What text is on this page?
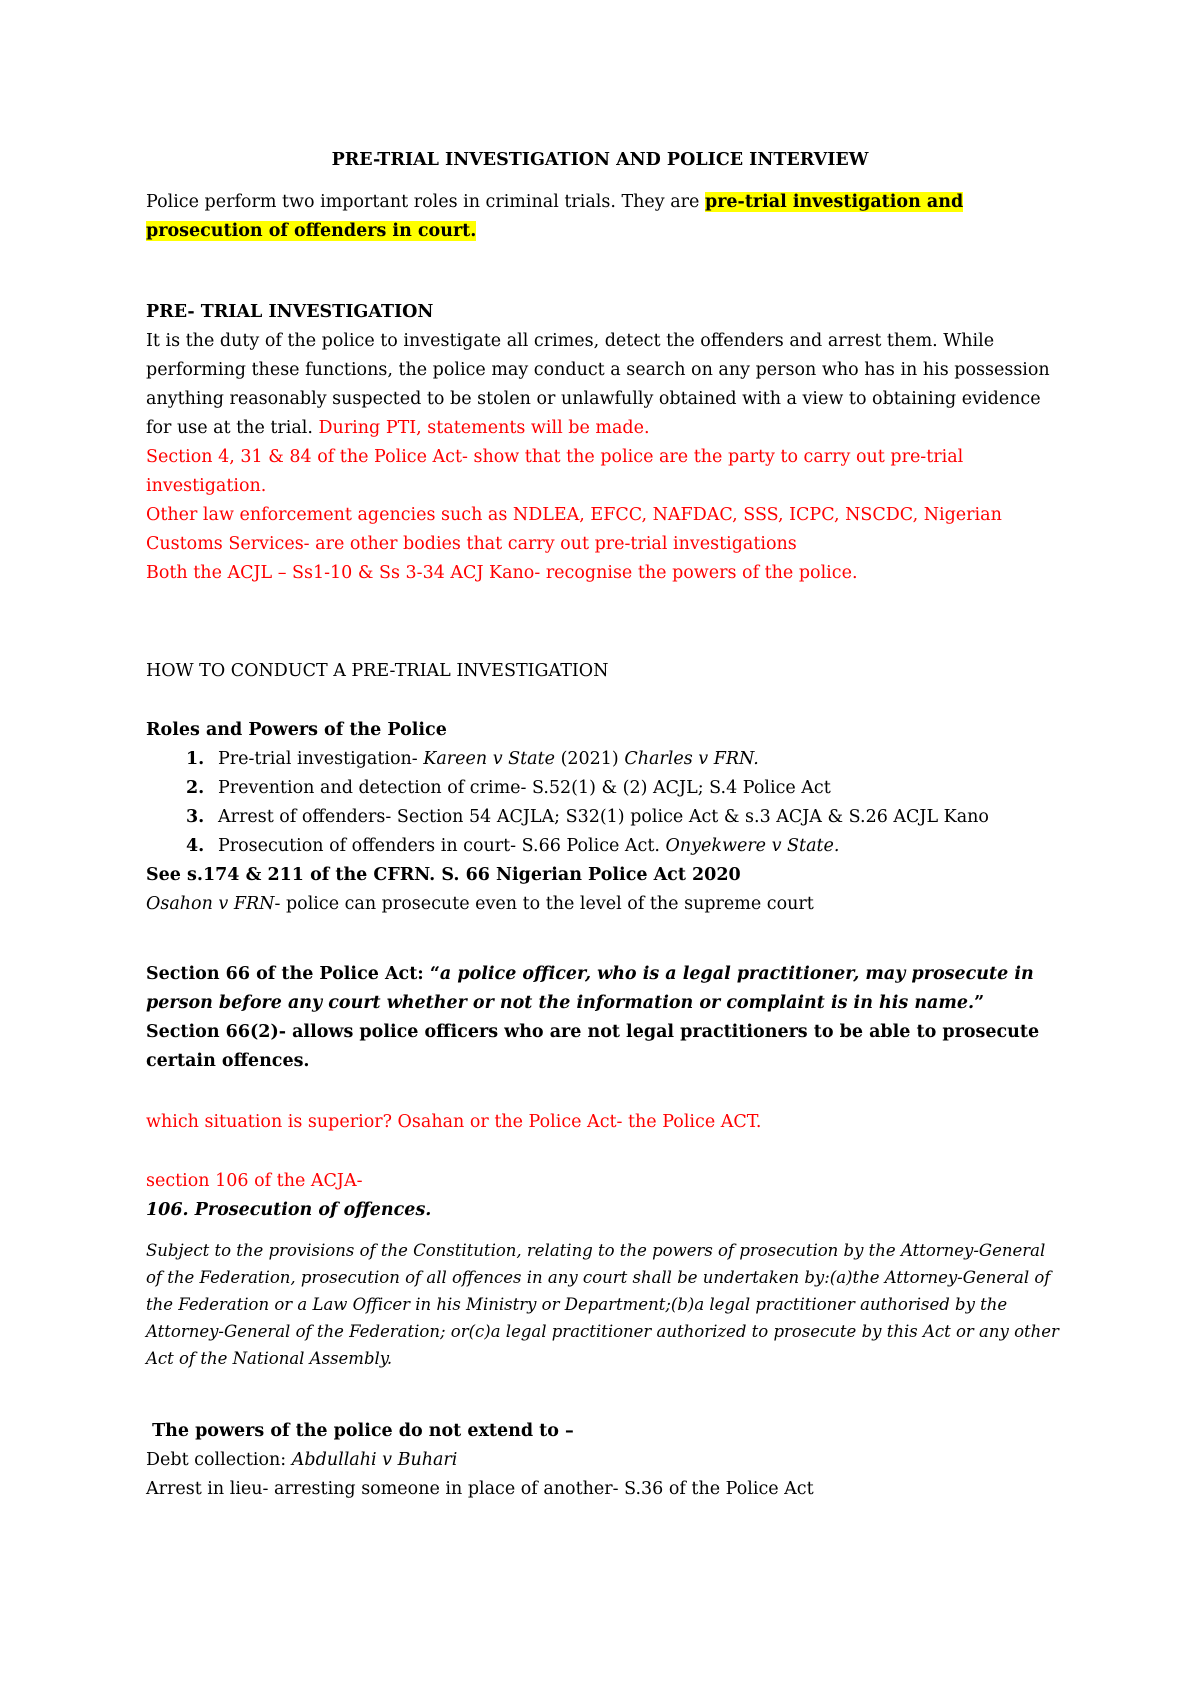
PRE-TRIAL INVESTIGATION AND POLICE INTERVIEW

Police perform two important roles in criminal trials. They are pre-trial investigation and prosecution of offenders in court.

PRE- TRIAL INVESTIGATION

It is the duty of the police to investigate all crimes, detect the offenders and arrest them. While performing these functions, the police may conduct a search on any person who has in his possession anything reasonably suspected to be stolen or unlawfully obtained with a view to obtaining evidence for use at the trial. During PTI, statements will be made.

Section 4, 31 & 84 of the Police Act- show that the police are the party to carry out pre-trial investigation.

Other law enforcement agencies such as NDLEA, EFCC, NAFDAC, SSS, ICPC, NSCDC, Nigerian Customs Services- are other bodies that carry out pre-trial investigations

Both the ACJL – Ss1-10 & Ss 3-34 ACJ Kano- recognise the powers of the police.

HOW TO CONDUCT A PRE-TRIAL INVESTIGATION

Roles and Powers of the Police

1. Pre-trial investigation- Kareen v State (2021) Charles v FRN.
2. Prevention and detection of crime- S.52(1) & (2) ACJL; S.4 Police Act
3. Arrest of offenders- Section 54 ACJLA; S32(1) police Act & s.3 ACJA & S.26 ACJL Kano
4. Prosecution of offenders in court- S.66 Police Act. Onyekwere v State.

See s.174 & 211 of the CFRN. S. 66 Nigerian Police Act 2020

Osahon v FRN- police can prosecute even to the level of the supreme court

Section 66 of the Police Act: “a police officer, who is a legal practitioner, may prosecute in person before any court whether or not the information or complaint is in his name.”

Section 66(2)- allows police officers who are not legal practitioners to be able to prosecute certain offences.

which situation is superior? Osahan or the Police Act- the Police ACT.

section 106 of the ACJA-

106. Prosecution of offences.

Subject to the provisions of the Constitution, relating to the powers of prosecution by the Attorney-General of the Federation, prosecution of all offences in any court shall be undertaken by:(a)the Attorney-General of the Federation or a Law Officer in his Ministry or Department;(b)a legal practitioner authorised by the Attorney-General of the Federation; or(c)a legal practitioner authorized to prosecute by this Act or any other Act of the National Assembly.

The powers of the police do not extend to –

Debt collection: Abdullahi v Buhari

Arrest in lieu- arresting someone in place of another- S.36 of the Police Act
